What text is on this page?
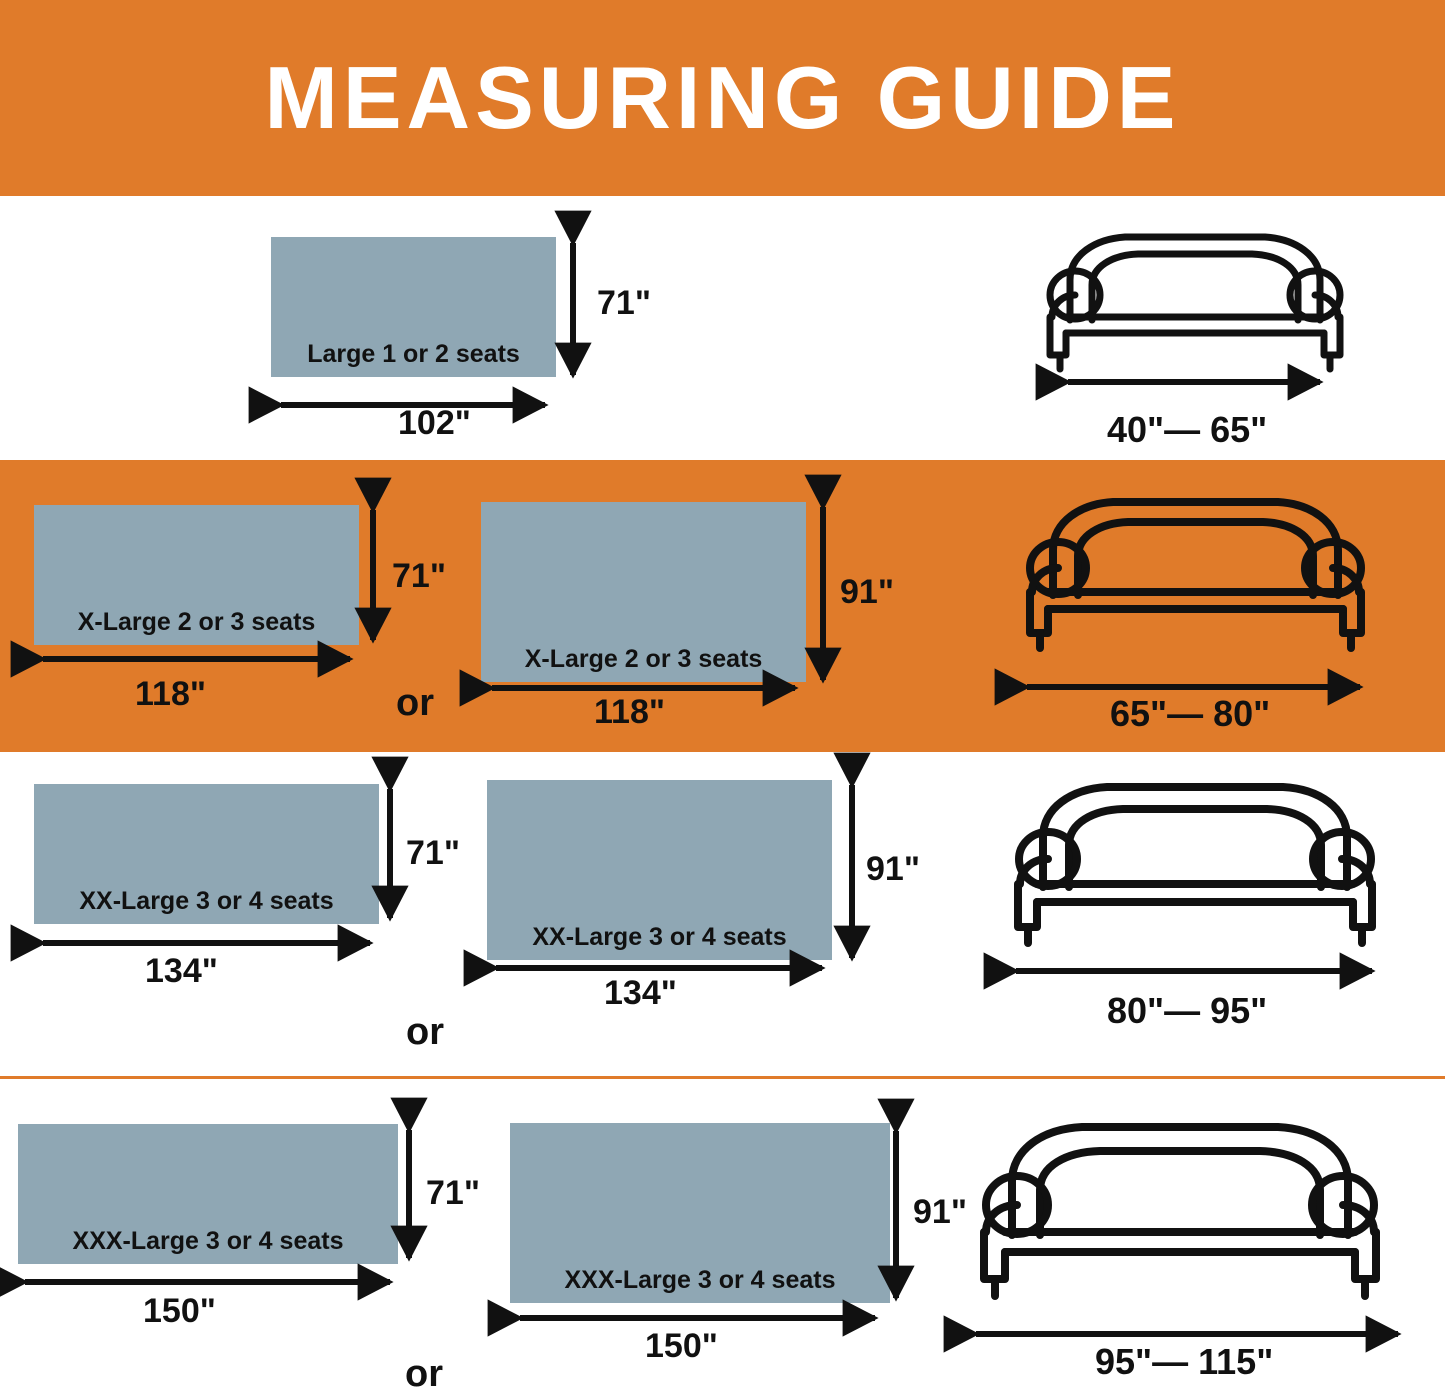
MEASURING GUIDE
Large 1 or 2 seats
71"
102"	40"— 65"
X-Large 2 or 3 seats
71"
118"	or
X-Large 2 or 3 seats
91"
118"	65"— 80"
XX-Large 3 or 4 seats
71"
134"
or
XX-Large 3 or 4 seats
91"
134"	80"— 95"
XXX-Large 3 or 4 seats
71"
150"
or
XXX-Large 3 or 4 seats
91"
150"	95"— 115"
